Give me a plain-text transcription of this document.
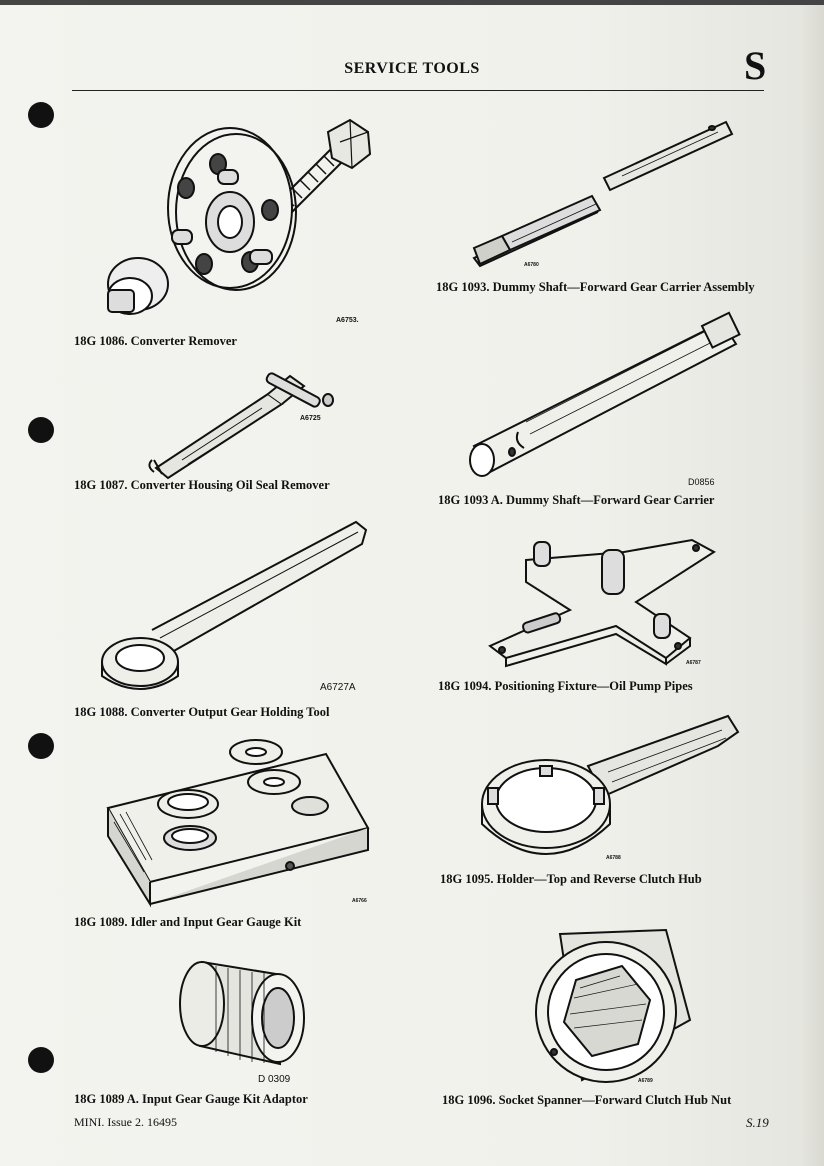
SERVICE TOOLS	S
A6753.
18G 1086. Converter Remover
A6725
18G 1087. Converter Housing Oil Seal Remover
A6727A
18G 1088. Converter Output Gear Holding Tool
A6766
18G 1089. Idler and Input Gear Gauge Kit
D 0309
18G 1089 A. Input Gear Gauge Kit Adaptor
A6780
18G 1093. Dummy Shaft—Forward Gear Carrier Assembly
D0856
18G 1093 A. Dummy Shaft—Forward Gear Carrier
A6787
18G 1094. Positioning Fixture—Oil Pump Pipes
A6788
18G 1095. Holder—Top and Reverse Clutch Hub
A6789
18G 1096. Socket Spanner—Forward Clutch Hub Nut
MINI. Issue 2. 16495	S.19
